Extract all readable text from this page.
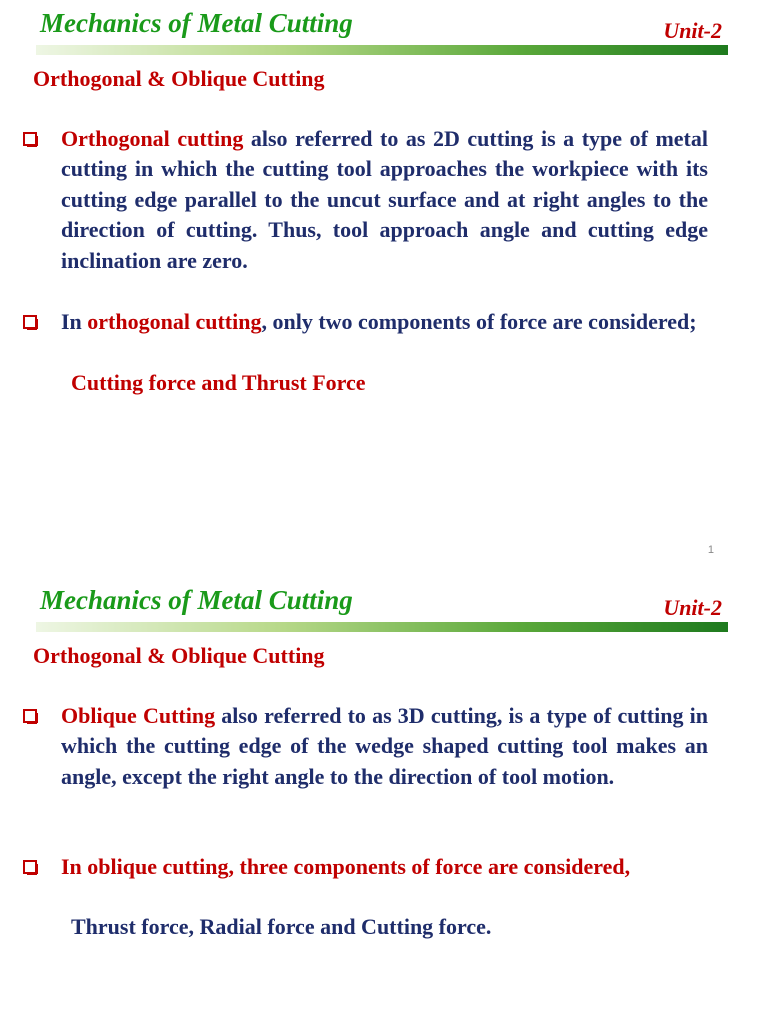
Mechanics of Metal Cutting	Unit-2
Orthogonal & Oblique Cutting
Orthogonal cutting also referred to as 2D cutting is a type of metal cutting in which the cutting tool approaches the workpiece with its cutting edge parallel to the uncut surface and at right angles to the direction of cutting. Thus, tool approach angle and cutting edge inclination are zero.
In orthogonal cutting, only two components of force are considered;
Cutting force and Thrust Force
1
Mechanics of Metal Cutting	Unit-2
Orthogonal & Oblique Cutting
Oblique Cutting also referred to as 3D cutting, is a type of cutting in which the cutting edge of the wedge shaped cutting tool makes an angle, except the right angle to the direction of tool motion.
In oblique cutting, three components of force are considered,
Thrust force, Radial force and Cutting force.
